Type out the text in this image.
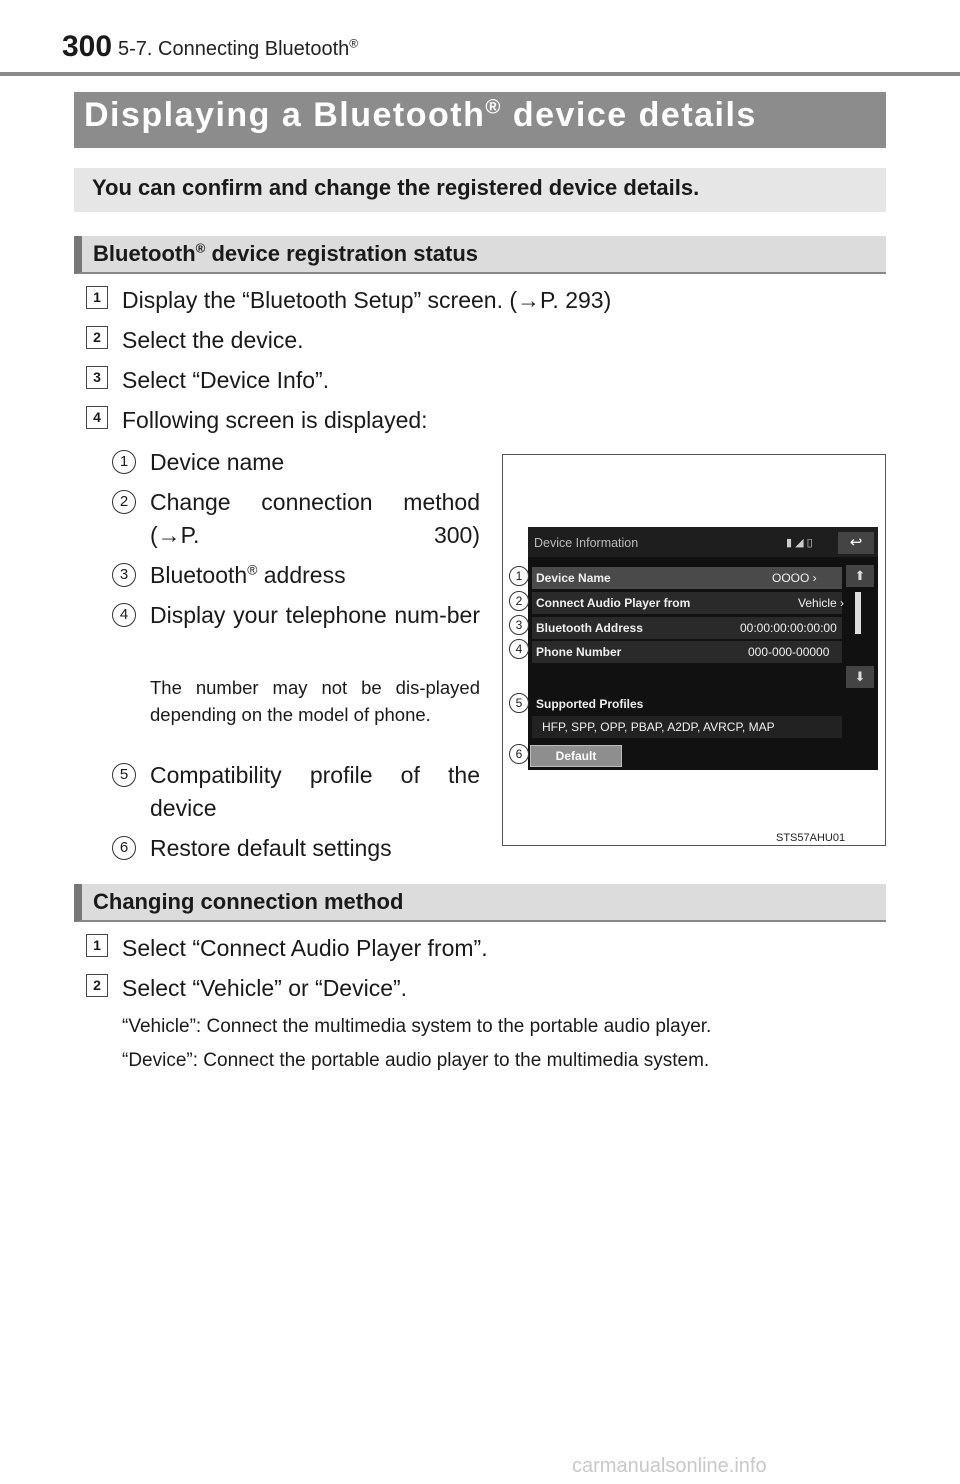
300 5-7. Connecting Bluetooth®
Displaying a Bluetooth® device details
You can confirm and change the registered device details.
Bluetooth® device registration status
1 Display the “Bluetooth Setup” screen. (→P. 293)
2 Select the device.
3 Select “Device Info”.
4 Following screen is displayed:
1 Device name
2 Change connection method (→P. 300)
3 Bluetooth® address
4 Display your telephone num-ber
The number may not be dis-played depending on the model of phone.
5 Compatibility profile of the device
6 Restore default settings
Device Information	▮ ◢ ▯	↩
Device Name	OOOO ›
Connect Audio Player from	Vehicle ›
Bluetooth Address	00:00:00:00:00:00
Phone Number	000-000-00000
⬆
⬇
Supported Profiles
HFP, SPP, OPP, PBAP, A2DP, AVRCP, MAP
Default
1
2
3
4
5
6
STS57AHU01
Changing connection method
1 Select “Connect Audio Player from”.
2 Select “Vehicle” or “Device”.
“Vehicle”: Connect the multimedia system to the portable audio player.
“Device”: Connect the portable audio player to the multimedia system.
carmanualsonline.info
